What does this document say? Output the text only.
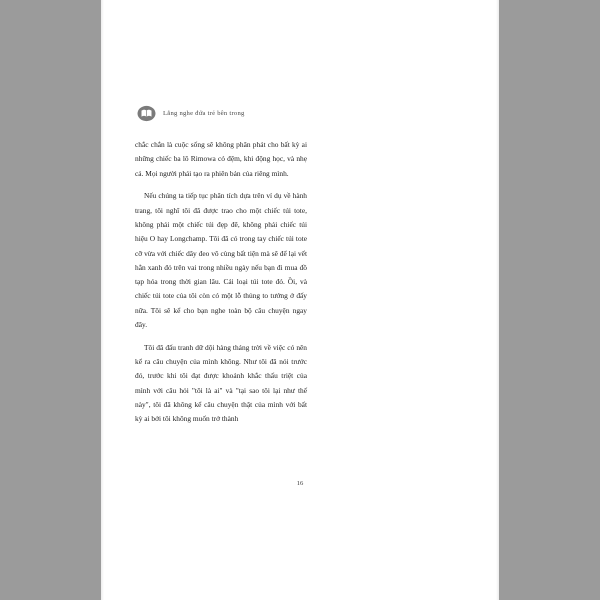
Lắng nghe đứa trẻ bên trong

chắc chắn là cuộc sống sẽ không phân phát cho bất kỳ ai những chiếc ba lô Rimowa có đệm, khi động học, và nhẹ cả. Mọi người phải tạo ra phiên bản của riêng mình.

Nếu chúng ta tiếp tục phân tích dựa trên ví dụ về hành trang, tôi nghĩ tôi đã được trao cho một chiếc túi tote, không phải một chiếc túi đẹp đẽ, không phải chiếc túi hiệu O hay Longchamp. Tôi đã có trong tay chiếc túi tote cỡ vừa với chiếc dây đeo vô cùng bất tiện mà sẽ để lại vết hằn xanh đỏ trên vai trong nhiều ngày nếu bạn đi mua đồ tạp hóa trong thời gian lâu. Cái loại túi tote đó. Ồi, và chiếc túi tote của tôi còn có một lỗ thủng to tướng ở đấy nữa. Tôi sẽ kể cho bạn nghe toàn bộ câu chuyện ngay đây.

Tôi đã đấu tranh dữ dội hàng tháng trời về việc có nên kể ra câu chuyện của mình không. Như tôi đã nói trước đó, trước khi tôi đạt được khoảnh khắc thấu triệt của mình với câu hỏi "tôi là ai" và "tại sao tôi lại như thế này", tôi đã không kể câu chuyện thật của mình với bất kỳ ai bởi tôi không muốn trở thành

16
